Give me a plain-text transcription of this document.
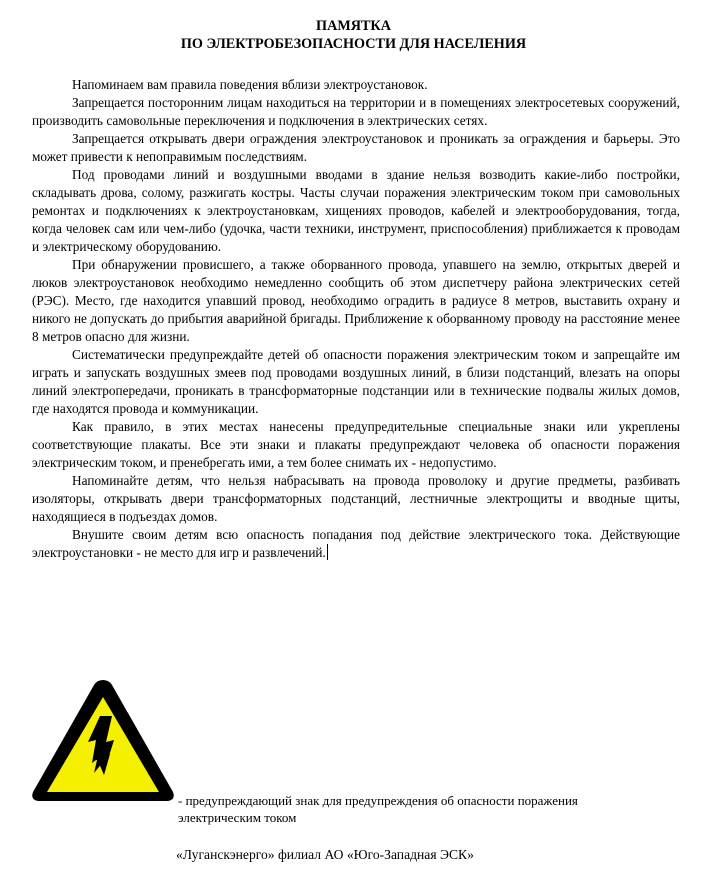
ПАМЯТКА
ПО ЭЛЕКТРОБЕЗОПАСНОСТИ ДЛЯ НАСЕЛЕНИЯ

Напоминаем вам правила поведения вблизи электроустановок.

Запрещается посторонним лицам находиться на территории и в помещениях электросетевых сооружений, производить самовольные переключения и подключения в электрических сетях.

Запрещается открывать двери ограждения электроустановок и проникать за ограждения и барьеры. Это может привести к непоправимым последствиям.

Под проводами линий и воздушными вводами в здание нельзя возводить какие-либо постройки, складывать дрова, солому, разжигать костры. Часты случаи поражения электрическим током при самовольных ремонтах и подключениях к электроустановкам, хищениях проводов, кабелей и электрооборудования, тогда, когда человек сам или чем-либо (удочка, части техники, инструмент, приспособления) приближается к проводам и электрическому оборудованию.

При обнаружении провисшего, а также оборванного провода, упавшего на землю, открытых дверей и люков электроустановок необходимо немедленно сообщить об этом диспетчеру района электрических сетей (РЭС). Место, где находится упавший провод, необходимо оградить в радиусе 8 метров, выставить охрану и никого не допускать до прибытия аварийной бригады. Приближение к оборванному проводу на расстояние менее 8 метров опасно для жизни.

Систематически предупреждайте детей об опасности поражения электрическим током и запрещайте им играть и запускать воздушных змеев под проводами воздушных линий, в близи подстанций, влезать на опоры линий электропередачи, проникать в трансформаторные подстанции или в технические подвалы жилых домов, где находятся провода и коммуникации.

Как правило, в этих местах нанесены предупредительные специальные знаки или укреплены соответствующие плакаты. Все эти знаки и плакаты предупреждают человека об опасности поражения электрическим током, и пренебрегать ими, а тем более снимать их - недопустимо.

Напоминайте детям, что нельзя набрасывать на провода проволоку и другие предметы, разбивать изоляторы, открывать двери трансформаторных подстанций, лестничные электрощиты и вводные щиты, находящиеся в подъездах домов.

Внушите своим детям всю опасность попадания под действие электрического тока. Действующие электроустановки - не место для игр и развлечений.

- предупреждающий знак для предупреждения об опасности поражения
электрическим током
«Луганскэнерго» филиал АО «Юго-Западная ЭСК»
